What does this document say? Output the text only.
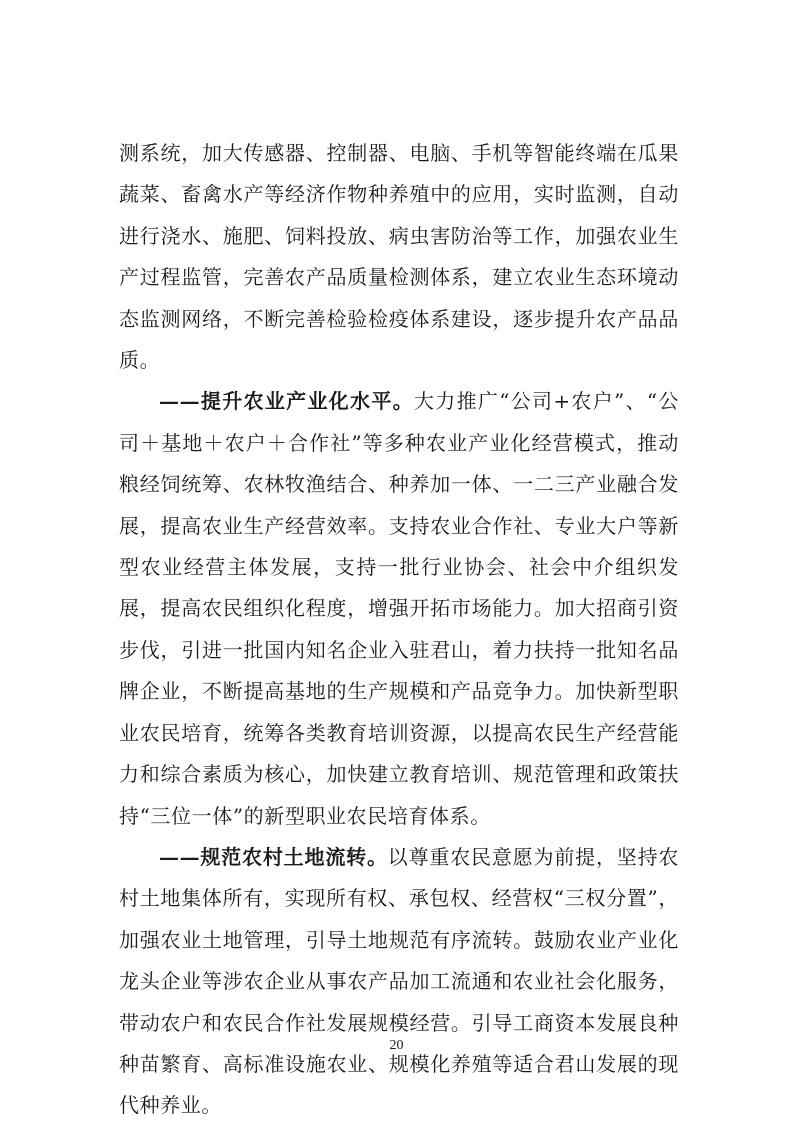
测系统，加大传感器、控制器、电脑、手机等智能终端在瓜果蔬菜、畜禽水产等经济作物种养殖中的应用，实时监测，自动进行浇水、施肥、饲料投放、病虫害防治等工作，加强农业生产过程监管，完善农产品质量检测体系，建立农业生态环境动态监测网络，不断完善检验检疫体系建设，逐步提升农产品品质。

——提升农业产业化水平。大力推广“公司+农户”、“公司＋基地＋农户＋合作社”等多种农业产业化经营模式，推动粮经饲统筹、农林牧渔结合、种养加一体、一二三产业融合发展，提高农业生产经营效率。支持农业合作社、专业大户等新型农业经营主体发展，支持一批行业协会、社会中介组织发展，提高农民组织化程度，增强开拓市场能力。加大招商引资步伐，引进一批国内知名企业入驻君山，着力扶持一批知名品牌企业，不断提高基地的生产规模和产品竞争力。加快新型职业农民培育，统筹各类教育培训资源，以提高农民生产经营能力和综合素质为核心，加快建立教育培训、规范管理和政策扶持“三位一体”的新型职业农民培育体系。

——规范农村土地流转。以尊重农民意愿为前提，坚持农村土地集体所有，实现所有权、承包权、经营权“三权分置”，加强农业土地管理，引导土地规范有序流转。鼓励农业产业化龙头企业等涉农企业从事农产品加工流通和农业社会化服务，带动农户和农民合作社发展规模经营。引导工商资本发展良种种苗繁育、高标准设施农业、规模化养殖等适合君山发展的现代种养业。

20
